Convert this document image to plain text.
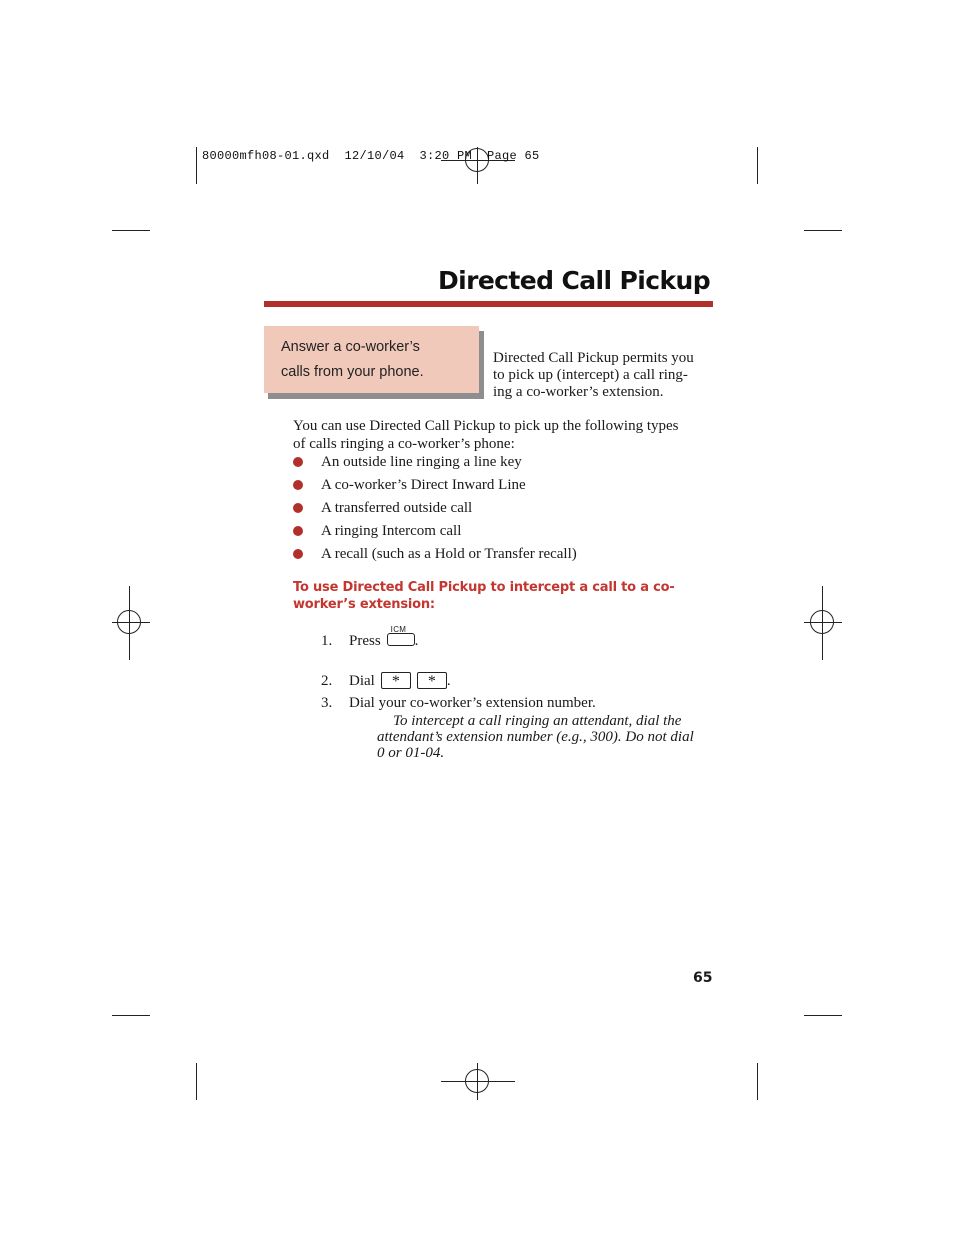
80000mfh08-01.qxd  12/10/04  3:20 PM  Page 65
Directed Call Pickup
Answer a co-worker’s
calls from your phone.
Directed Call Pickup permits you
to pick up (intercept) a call ring-
ing a co-worker’s extension.
You can use Directed Call Pickup to pick up the following types
of calls ringing a co-worker’s phone:
An outside line ringing a line key
A co-worker’s Direct Inward Line
A transferred outside call
A ringing Intercom call
A recall (such as a Hold or Transfer recall)
To use Directed Call Pickup to intercept a call to a co-
worker’s extension:
1. Press
ICM
.
2. Dial * * .
3. Dial your co-worker’s extension number.
To intercept a call ringing an attendant, dial the
attendant’s extension number (e.g., 300). Do not dial
0 or 01-04.
65
